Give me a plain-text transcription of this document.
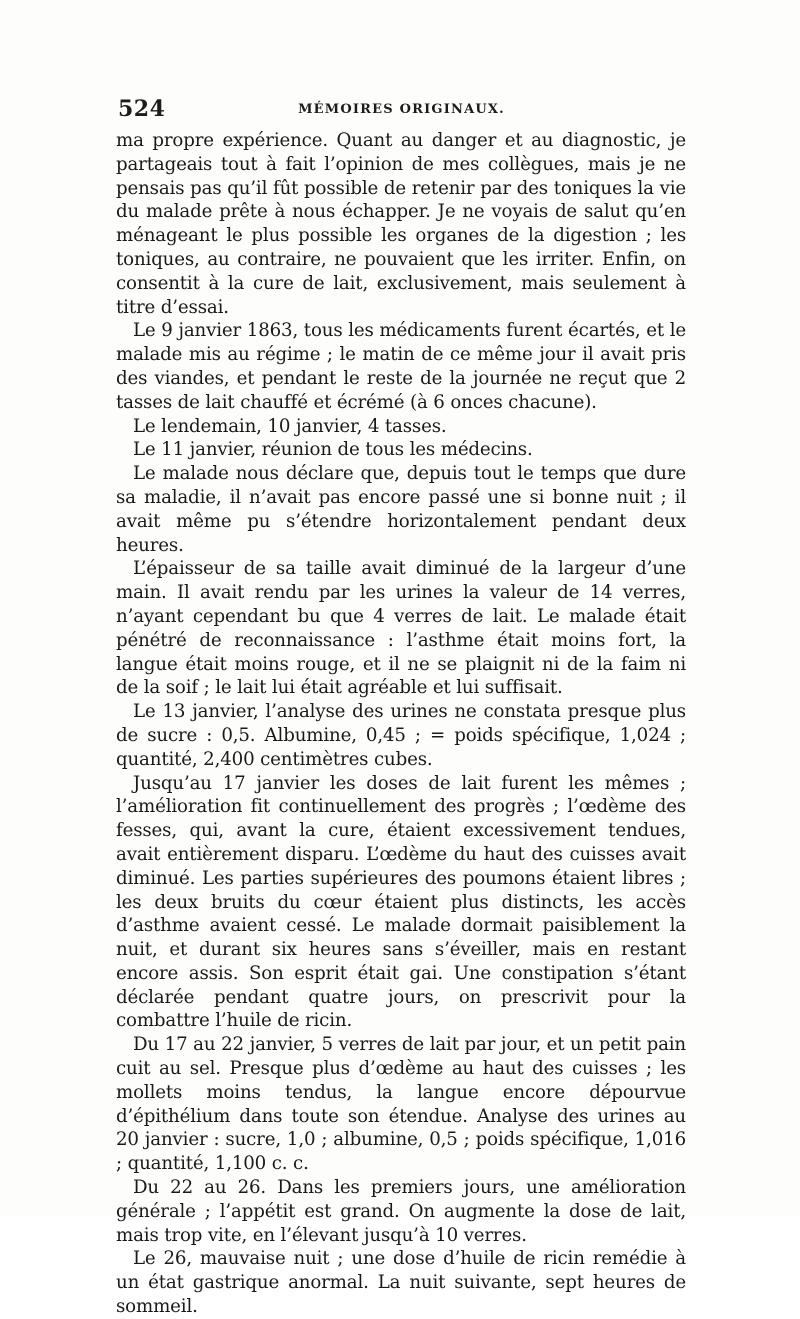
524	MÉMOIRES ORIGINAUX.

ma propre expérience. Quant au danger et au diagnostic, je partageais tout à fait l’opinion de mes collègues, mais je ne pensais pas qu’il fût possible de retenir par des toniques la vie du malade prête à nous échapper. Je ne voyais de salut qu’en ménageant le plus possible les organes de la digestion ; les toniques, au contraire, ne pouvaient que les irriter. Enfin, on consentit à la cure de lait, exclusivement, mais seulement à titre d’essai.

Le 9 janvier 1863, tous les médicaments furent écartés, et le malade mis au régime ; le matin de ce même jour il avait pris des viandes, et pendant le reste de la journée ne reçut que 2 tasses de lait chauffé et écrémé (à 6 onces chacune).

Le lendemain, 10 janvier, 4 tasses.

Le 11 janvier, réunion de tous les médecins.

Le malade nous déclare que, depuis tout le temps que dure sa maladie, il n’avait pas encore passé une si bonne nuit ; il avait même pu s’étendre horizontalement pendant deux heures.

L’épaisseur de sa taille avait diminué de la largeur d’une main. Il avait rendu par les urines la valeur de 14 verres, n’ayant cependant bu que 4 verres de lait. Le malade était pénétré de reconnaissance : l’asthme était moins fort, la langue était moins rouge, et il ne se plaignit ni de la faim ni de la soif ; le lait lui était agréable et lui suffisait.

Le 13 janvier, l’analyse des urines ne constata presque plus de sucre : 0,5. Albumine, 0,45 ; = poids spécifique, 1,024 ; quantité, 2,400 centimètres cubes.

Jusqu’au 17 janvier les doses de lait furent les mêmes ; l’amélioration fit continuellement des progrès ; l’œdème des fesses, qui, avant la cure, étaient excessivement tendues, avait entièrement disparu. L’œdème du haut des cuisses avait diminué. Les parties supérieures des poumons étaient libres ; les deux bruits du cœur étaient plus distincts, les accès d’asthme avaient cessé. Le malade dormait paisiblement la nuit, et durant six heures sans s’éveiller, mais en restant encore assis. Son esprit était gai. Une constipation s’étant déclarée pendant quatre jours, on prescrivit pour la combattre l’huile de ricin.

Du 17 au 22 janvier, 5 verres de lait par jour, et un petit pain cuit au sel. Presque plus d’œdème au haut des cuisses ; les mollets moins tendus, la langue encore dépourvue d’épithélium dans toute son étendue. Analyse des urines au 20 janvier : sucre, 1,0 ; albumine, 0,5 ; poids spécifique, 1,016 ; quantité, 1,100 c. c.

Du 22 au 26. Dans les premiers jours, une amélioration générale ; l’appétit est grand. On augmente la dose de lait, mais trop vite, en l’élevant jusqu’à 10 verres.

Le 26, mauvaise nuit ; une dose d’huile de ricin remédie à un état gastrique anormal. La nuit suivante, sept heures de sommeil.
